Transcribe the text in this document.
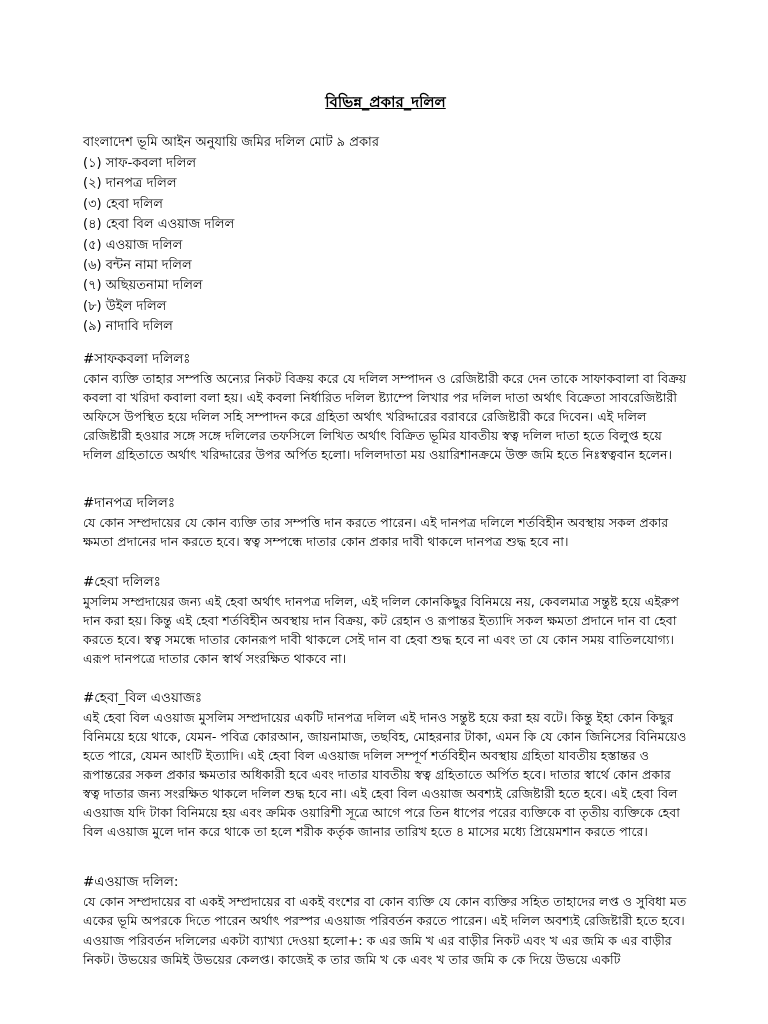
বিভিন্ন_প্রকার_দলিল

বাংলাদেশ ভূমি আইন অনুযায়ি জমির দলিল মোট ৯ প্রকার

(১) সাফ-কবলা দলিল
(২) দানপত্র দলিল
(৩) হেবা দলিল
(৪) হেবা বিল এওয়াজ দলিল
(৫) এওয়াজ দলিল
(৬) বন্টন নামা দলিল
(৭) অছিয়তনামা দলিল
(৮) উইল দলিল
(৯) নাদাবি দলিল
#সাফকবলা দলিলঃ

কোন ব্যক্তি তাহার সম্পত্তি অন্যের নিকট বিক্রয় করে যে দলিল সম্পাদন ও রেজিষ্টারী করে দেন তাকে সাফাকবালা বা বিক্রয় কবলা বা খরিদা কবালা বলা হয়। এই কবলা নির্ধারিত দলিল ষ্ট্যাম্পে লিখার পর দলিল দাতা অর্থাৎ বিক্রেতা সাবরেজিষ্টারী অফিসে উপস্থিত হয়ে দলিল সহি সম্পাদন করে গ্রহিতা অর্থাৎ খরিদ্দারের বরাবরে রেজিষ্টারী করে দিবেন। এই দলিল রেজিষ্টারী হওয়ার সঙ্গে সঙ্গে দলিলের তফসিলে লিখিত অর্থাৎ বিক্রিত ভূমির যাবতীয় স্বত্ব দলিল দাতা হতে বিলুপ্ত হয়ে দলিল গ্রহিতাতে অর্থাৎ খরিদ্দারের উপর অর্পিত হলো। দলিলদাতা ময় ওয়ারিশানক্রমে উক্ত জমি হতে নিঃস্বত্ববান হলেন।

#দানপত্র দলিলঃ

যে কোন সম্প্রদায়ের যে কোন ব্যক্তি তার সম্পত্তি দান করতে পারেন। এই দানপত্র দলিলে শর্তবিহীন অবস্থায় সকল প্রকার ক্ষমতা প্রদানের দান করতে হবে। স্বত্ব সম্পন্ধে দাতার কোন প্রকার দাবী থাকলে দানপত্র শুদ্ধ হবে না।

#হেবা দলিলঃ

মুসলিম সম্প্রদায়ের জন্য এই হেবা অর্থাৎ দানপত্র দলিল, এই দলিল কোনকিছুর বিনিময়ে নয়, কেবলমাত্র সন্তুষ্ট হয়ে এইরুপ দান করা হয়। কিন্তু এই হেবা শর্তবিহীন অবস্থায় দান বিক্রয়, কট রেহান ও রূপান্তর ইত্যাদি সকল ক্ষমতা প্রদানে দান বা হেবা করতে হবে। স্বত্ব সমন্ধে দাতার কোনরূপ দাবী থাকলে সেই দান বা হেবা শুদ্ধ হবে না এবং তা যে কোন সময় বাতিলযোগ্য। এরূপ দানপত্রে দাতার কোন স্বার্থ সংরক্ষিত থাকবে না।

#হেবা_বিল এওয়াজঃ

এই হেবা বিল এওয়াজ মুসলিম সম্প্রদায়ের একটি দানপত্র দলিল এই দানও সন্তুষ্ট হয়ে করা হয় বটে। কিন্তু ইহা কোন কিছুর বিনিময়ে হয়ে থাকে, যেমন- পবিত্র কোরআন, জায়নামাজ, তছবিহ, মোহরনার টাকা, এমন কি যে কোন জিনিসের বিনিময়েও হতে পারে, যেমন আংটি ইত্যাদি। এই হেবা বিল এওয়াজ দলিল সম্পূর্ণ শর্তবিহীন অবস্থায় গ্রহিতা যাবতীয় হস্তান্তর ও রূপান্তরের সকল প্রকার ক্ষমতার অধিকারী হবে এবং দাতার যাবতীয় স্বত্ব গ্রহিতাতে অর্পিত হবে। দাতার স্বার্থে কোন প্রকার স্বত্ব দাতার জন্য সংরক্ষিত থাকলে দলিল শুদ্ধ হবে না। এই হেবা বিল এওয়াজ অবশ্যই রেজিষ্টারী হতে হবে। এই হেবা বিল এওয়াজ যদি টাকা বিনিময়ে হয় এবং ক্রমিক ওয়ারিশী সূত্রে আগে পরে তিন ধাপের পরের ব্যক্তিকে বা তৃতীয় ব্যক্তিকে হেবা বিল এওয়াজ মুলে দান করে থাকে তা হলে শরীক কর্তৃক জানার তারিখ হতে ৪ মাসের মধ্যে প্রিয়েমশান করতে পারে।

#এওয়াজ দলিল:

যে কোন সম্প্রদায়ের বা একই সম্প্রদায়ের বা একই বংশের বা কোন ব্যক্তি যে কোন ব্যক্তির সহিত তাহাদের লপ্ত ও সুবিধা মত একের ভূমি অপরকে দিতে পারেন অর্থাৎ পরস্পর এওয়াজ পরিবর্তন করতে পারেন। এই দলিল অবশ্যই রেজিষ্টারী হতে হবে।

এওয়াজ পরিবর্তন দলিলের একটা ব্যাখ্যা দেওয়া হলো+: ক এর জমি খ এর বাড়ীর নিকট এবং খ এর জমি ক এর বাড়ীর নিকট। উভয়ের জমিই উভয়ের কেলপ্ত। কাজেই ক তার জমি খ কে এবং খ তার জমি ক কে দিয়ে উভয়ে একটি
